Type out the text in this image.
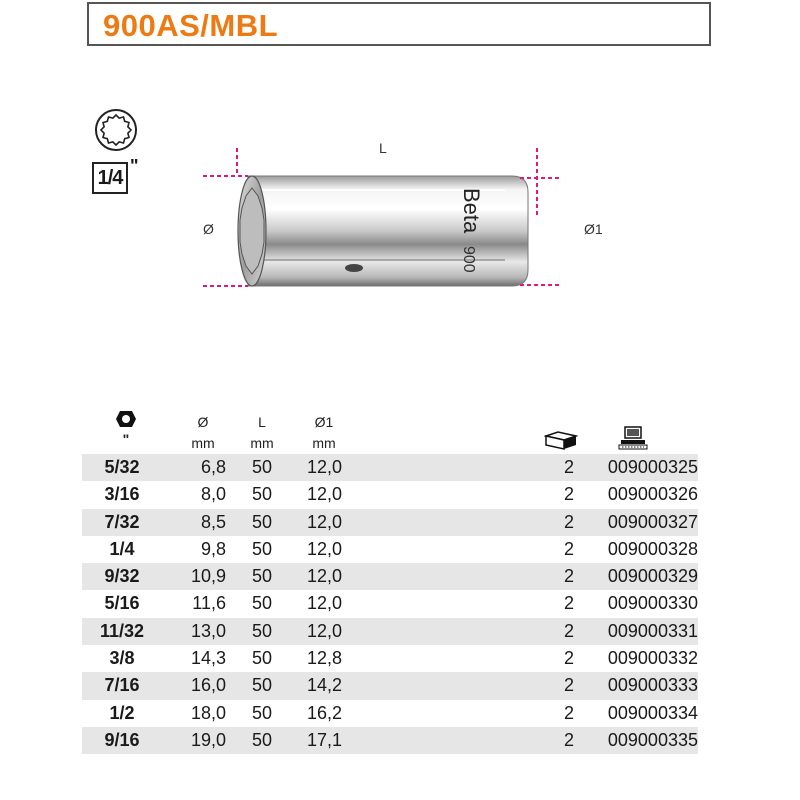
900AS/MBL
1/4
"
Beta
900
L
Ø	Ø1
"
Ø
mm
L
mm
Ø1
mm
5/32	6,8	50	12,0	2	009000325
3/16	8,0	50	12,0	2	009000326
7/32	8,5	50	12,0	2	009000327
1/4	9,8	50	12,0	2	009000328
9/32	10,9	50	12,0	2	009000329
5/16	11,6	50	12,0	2	009000330
11/32	13,0	50	12,0	2	009000331
3/8	14,3	50	12,8	2	009000332
7/16	16,0	50	14,2	2	009000333
1/2	18,0	50	16,2	2	009000334
9/16	19,0	50	17,1	2	009000335
